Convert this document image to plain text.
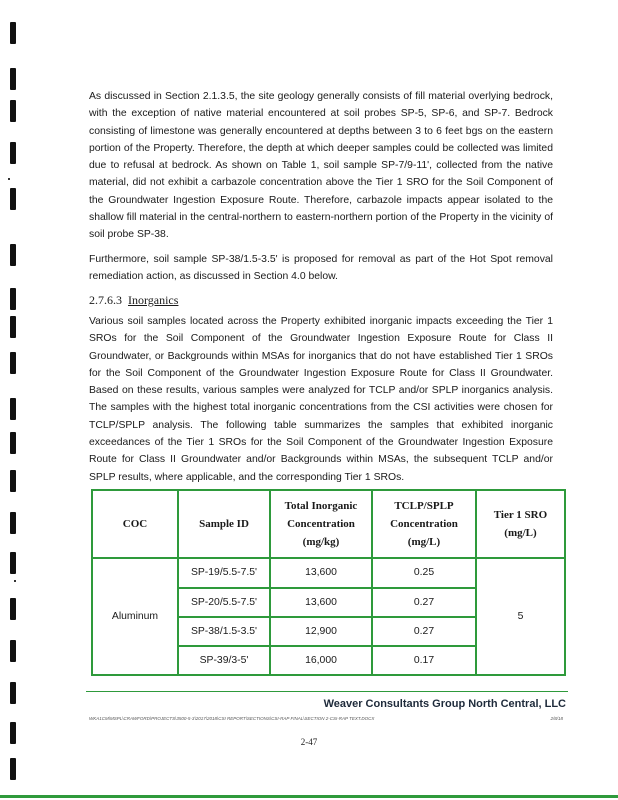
As discussed in Section 2.1.3.5, the site geology generally consists of fill material overlying bedrock, with the exception of native material encountered at soil probes SP-5, SP-6, and SP-7. Bedrock consisting of limestone was generally encountered at depths between 3 to 6 feet bgs on the eastern portion of the Property. Therefore, the depth at which deeper samples could be collected was limited due to refusal at bedrock. As shown on Table 1, soil sample SP-7/9-11', collected from the native material, did not exhibit a carbazole concentration above the Tier 1 SRO for the Soil Component of the Groundwater Ingestion Exposure Route. Therefore, carbazole impacts appear isolated to the shallow fill material in the central-northern to eastern-northern portion of the Property in the vicinity of soil probe SP-38.

Furthermore, soil sample SP-38/1.5-3.5' is proposed for removal as part of the Hot Spot removal remediation action, as discussed in Section 4.0 below.

2.7.6.3 Inorganics

Various soil samples located across the Property exhibited inorganic impacts exceeding the Tier 1 SROs for the Soil Component of the Groundwater Ingestion Exposure Route for Class II Groundwater, or Backgrounds within MSAs for inorganics that do not have established Tier 1 SROs for the Soil Component of the Groundwater Ingestion Exposure Route for Class II Groundwater. Based on these results, various samples were analyzed for TCLP and/or SPLP inorganics analysis. The samples with the highest total inorganic concentrations from the CSI activities were chosen for TCLP/SPLP analysis. The following table summarizes the samples that exhibited inorganic exceedances of the Tier 1 SROs for the Soil Component of the Groundwater Ingestion Exposure Route for Class II Groundwater and/or Backgrounds within MSAs, the subsequent TCLP and/or SPLP results, where applicable, and the corresponding Tier 1 SROs.

COC	Sample ID	Total Inorganic
Concentration
(mg/kg)	TCLP/SPLP
Concentration
(mg/L)	Tier 1 SRO
(mg/L)
Aluminum	SP-19/5.5-7.5'	13,600	0.25	5
	SP-20/5.5-7.5'	13,600	0.27	
	SP-38/1.5-3.5'	12,900	0.27	
	SP-39/3-5'	16,000	0.17	
Weaver Consultants Group North Central, LLC
WKA1CM\MSPL\CRAWFORD\PROJECTS\3500-5-3\2017\2018\CSI REPORT\SECTIONS\CSI-RAP FINAL\SECTION 2-CSI-RAP TEXT.DOCX	2/8/18
2-47
